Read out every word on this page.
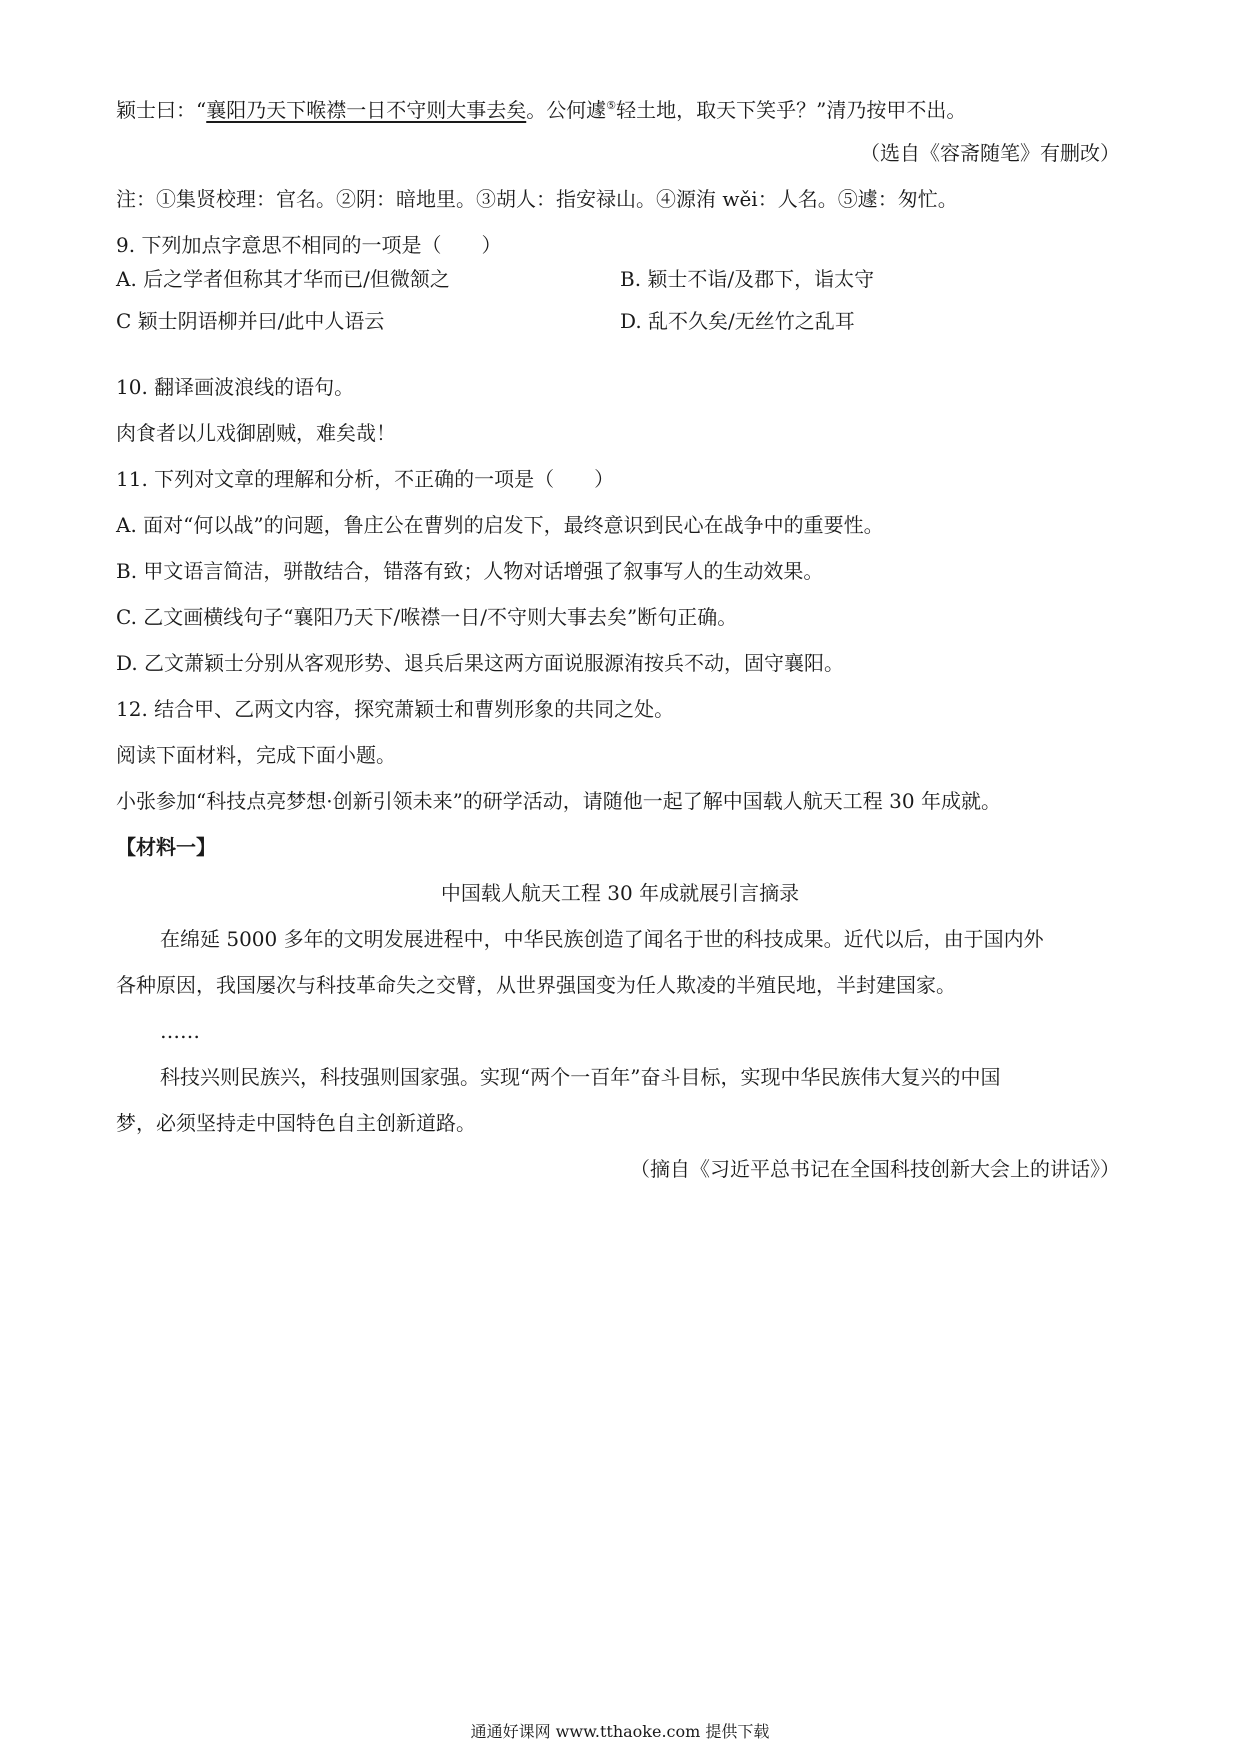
颖士曰：“襄阳乃天下喉襟一日不守则大事去矣。公何遽⑤轻土地，取天下笑乎？”清乃按甲不出。
（选自《容斋随笔》有删改）
注：①集贤校理：官名。②阴：暗地里。③胡人：指安禄山。④源洧 wěi：人名。⑤遽：匆忙。
9. 下列加点字意思不相同的一项是（　　）
A. 后之学者但称其才华而已/但微颔之	B. 颖士不诣/及郡下，诣太守
C 颖士阴语柳并曰/此中人语云	D. 乱不久矣/无丝竹之乱耳
10. 翻译画波浪线的语句。
肉食者以儿戏御剧贼，难矣哉！
11. 下列对文章的理解和分析，不正确的一项是（　　）
A. 面对“何以战”的问题，鲁庄公在曹刿的启发下，最终意识到民心在战争中的重要性。
B. 甲文语言简洁，骈散结合，错落有致；人物对话增强了叙事写人的生动效果。
C. 乙文画横线句子“襄阳乃天下/喉襟一日/不守则大事去矣”断句正确。
D. 乙文萧颖士分别从客观形势、退兵后果这两方面说服源洧按兵不动，固守襄阳。
12. 结合甲、乙两文内容，探究萧颖士和曹刿形象的共同之处。
阅读下面材料，完成下面小题。
小张参加“科技点亮梦想·创新引领未来”的研学活动，请随他一起了解中国载人航天工程 30 年成就。
【材料一】
中国载人航天工程 30 年成就展引言摘录
在绵延 5000 多年的文明发展进程中，中华民族创造了闻名于世的科技成果。近代以后，由于国内外
各种原因，我国屡次与科技革命失之交臂，从世界强国变为任人欺凌的半殖民地，半封建国家。
……
科技兴则民族兴，科技强则国家强。实现“两个一百年”奋斗目标，实现中华民族伟大复兴的中国
梦，必须坚持走中国特色自主创新道路。
（摘自《习近平总书记在全国科技创新大会上的讲话》）
通通好课网 www.tthaoke.com 提供下载
